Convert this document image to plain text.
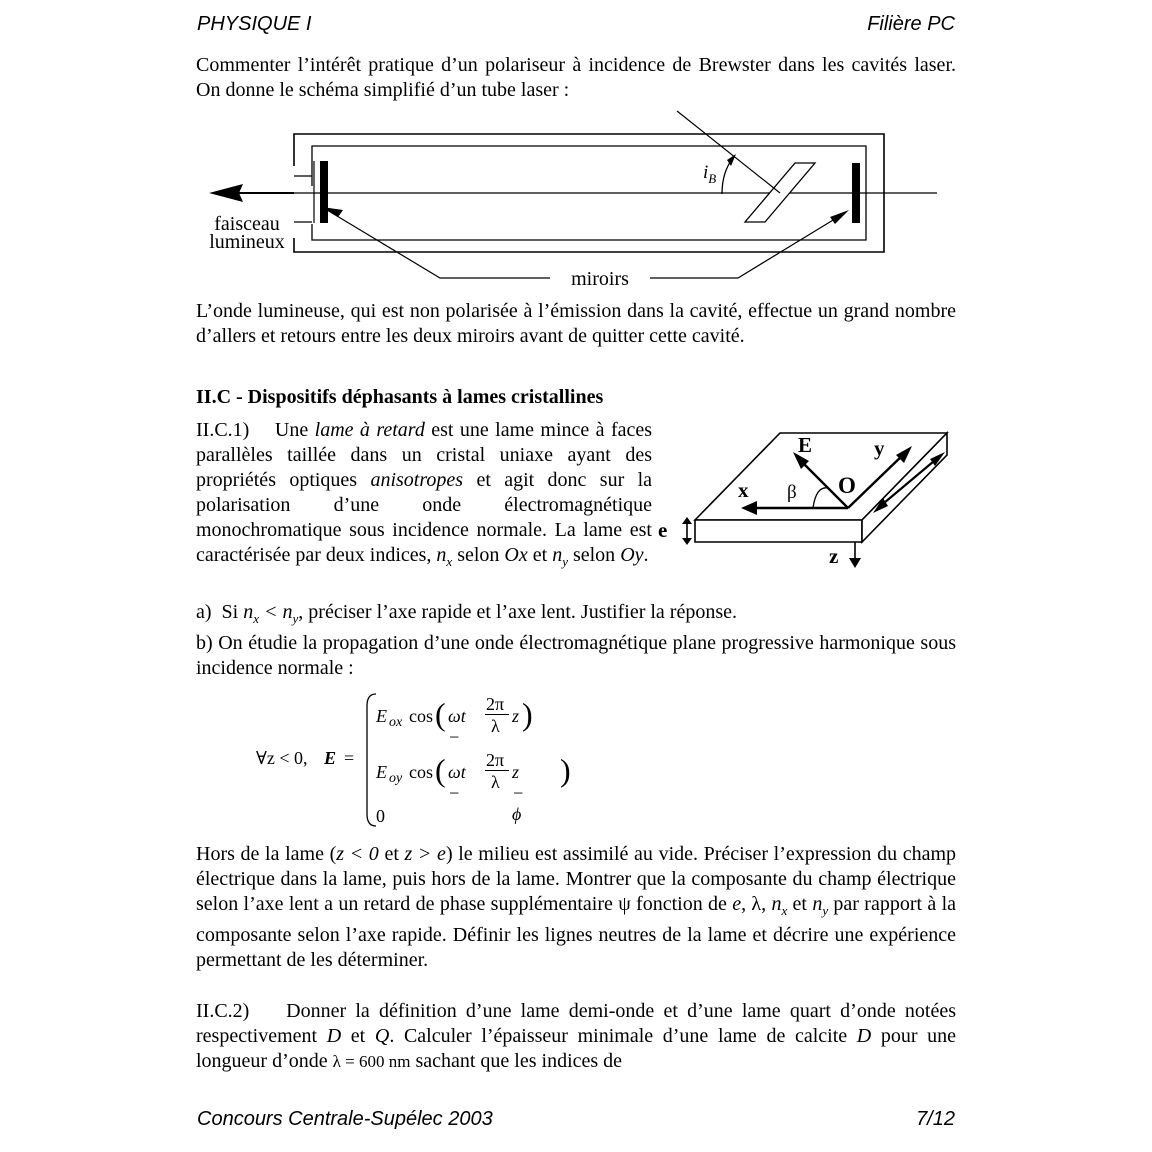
PHYSIQUE I	Filière PC
Commenter l’intérêt pratique d’un polariseur à incidence de Brewster dans les cavités laser. On donne le schéma simplifié d’un tube laser :
$i_B$
miroirs
faisceau
lumineux
L’onde lumineuse, qui est non polarisée à l’émission dans la cavité, effectue un grand nombre d’allers et retours entre les deux miroirs avant de quitter cette cavité.
II.C - Dispositifs déphasants à lames cristallines
II.C.1) Une lame à retard est une lame mince à faces parallèles taillée dans un cristal uniaxe ayant des propriétés optiques anisotropes et agit donc sur la polarisation d’une onde électromagnétique monochromatique sous incidence normale. La lame est caractérisée par deux indices, $n_x$ selon Ox et $n_y$ selon Oy.
E	y
x β O
e
z
a) Si $n_x < n_y$, préciser l’axe rapide et l’axe lent. Justifier la réponse.
b) On étudie la propagation d’une onde électromagnétique plane progressive harmonique sous incidence normale :
∀z < 0, E =
E ox cos ( ωt −
2π
λ z )
E oy cos ( ωt −
2π
λ z − ϕ
)
0
Hors de la lame (z < 0 et z > e) le milieu est assimilé au vide. Préciser l’expression du champ électrique dans la lame, puis hors de la lame. Montrer que la composante du champ électrique selon l’axe lent a un retard de phase supplémentaire ψ fonction de e, λ, $n_x$ et $n_y$ par rapport à la composante selon l’axe rapide. Définir les lignes neutres de la lame et décrire une expérience permettant de les déterminer.
II.C.2) Donner la définition d’une lame demi-onde et d’une lame quart d’onde notées respectivement D et Q. Calculer l’épaisseur minimale d’une lame de calcite D pour une longueur d’onde λ = 600 nm sachant que les indices de
Concours Centrale-Supélec 2003	7/12
